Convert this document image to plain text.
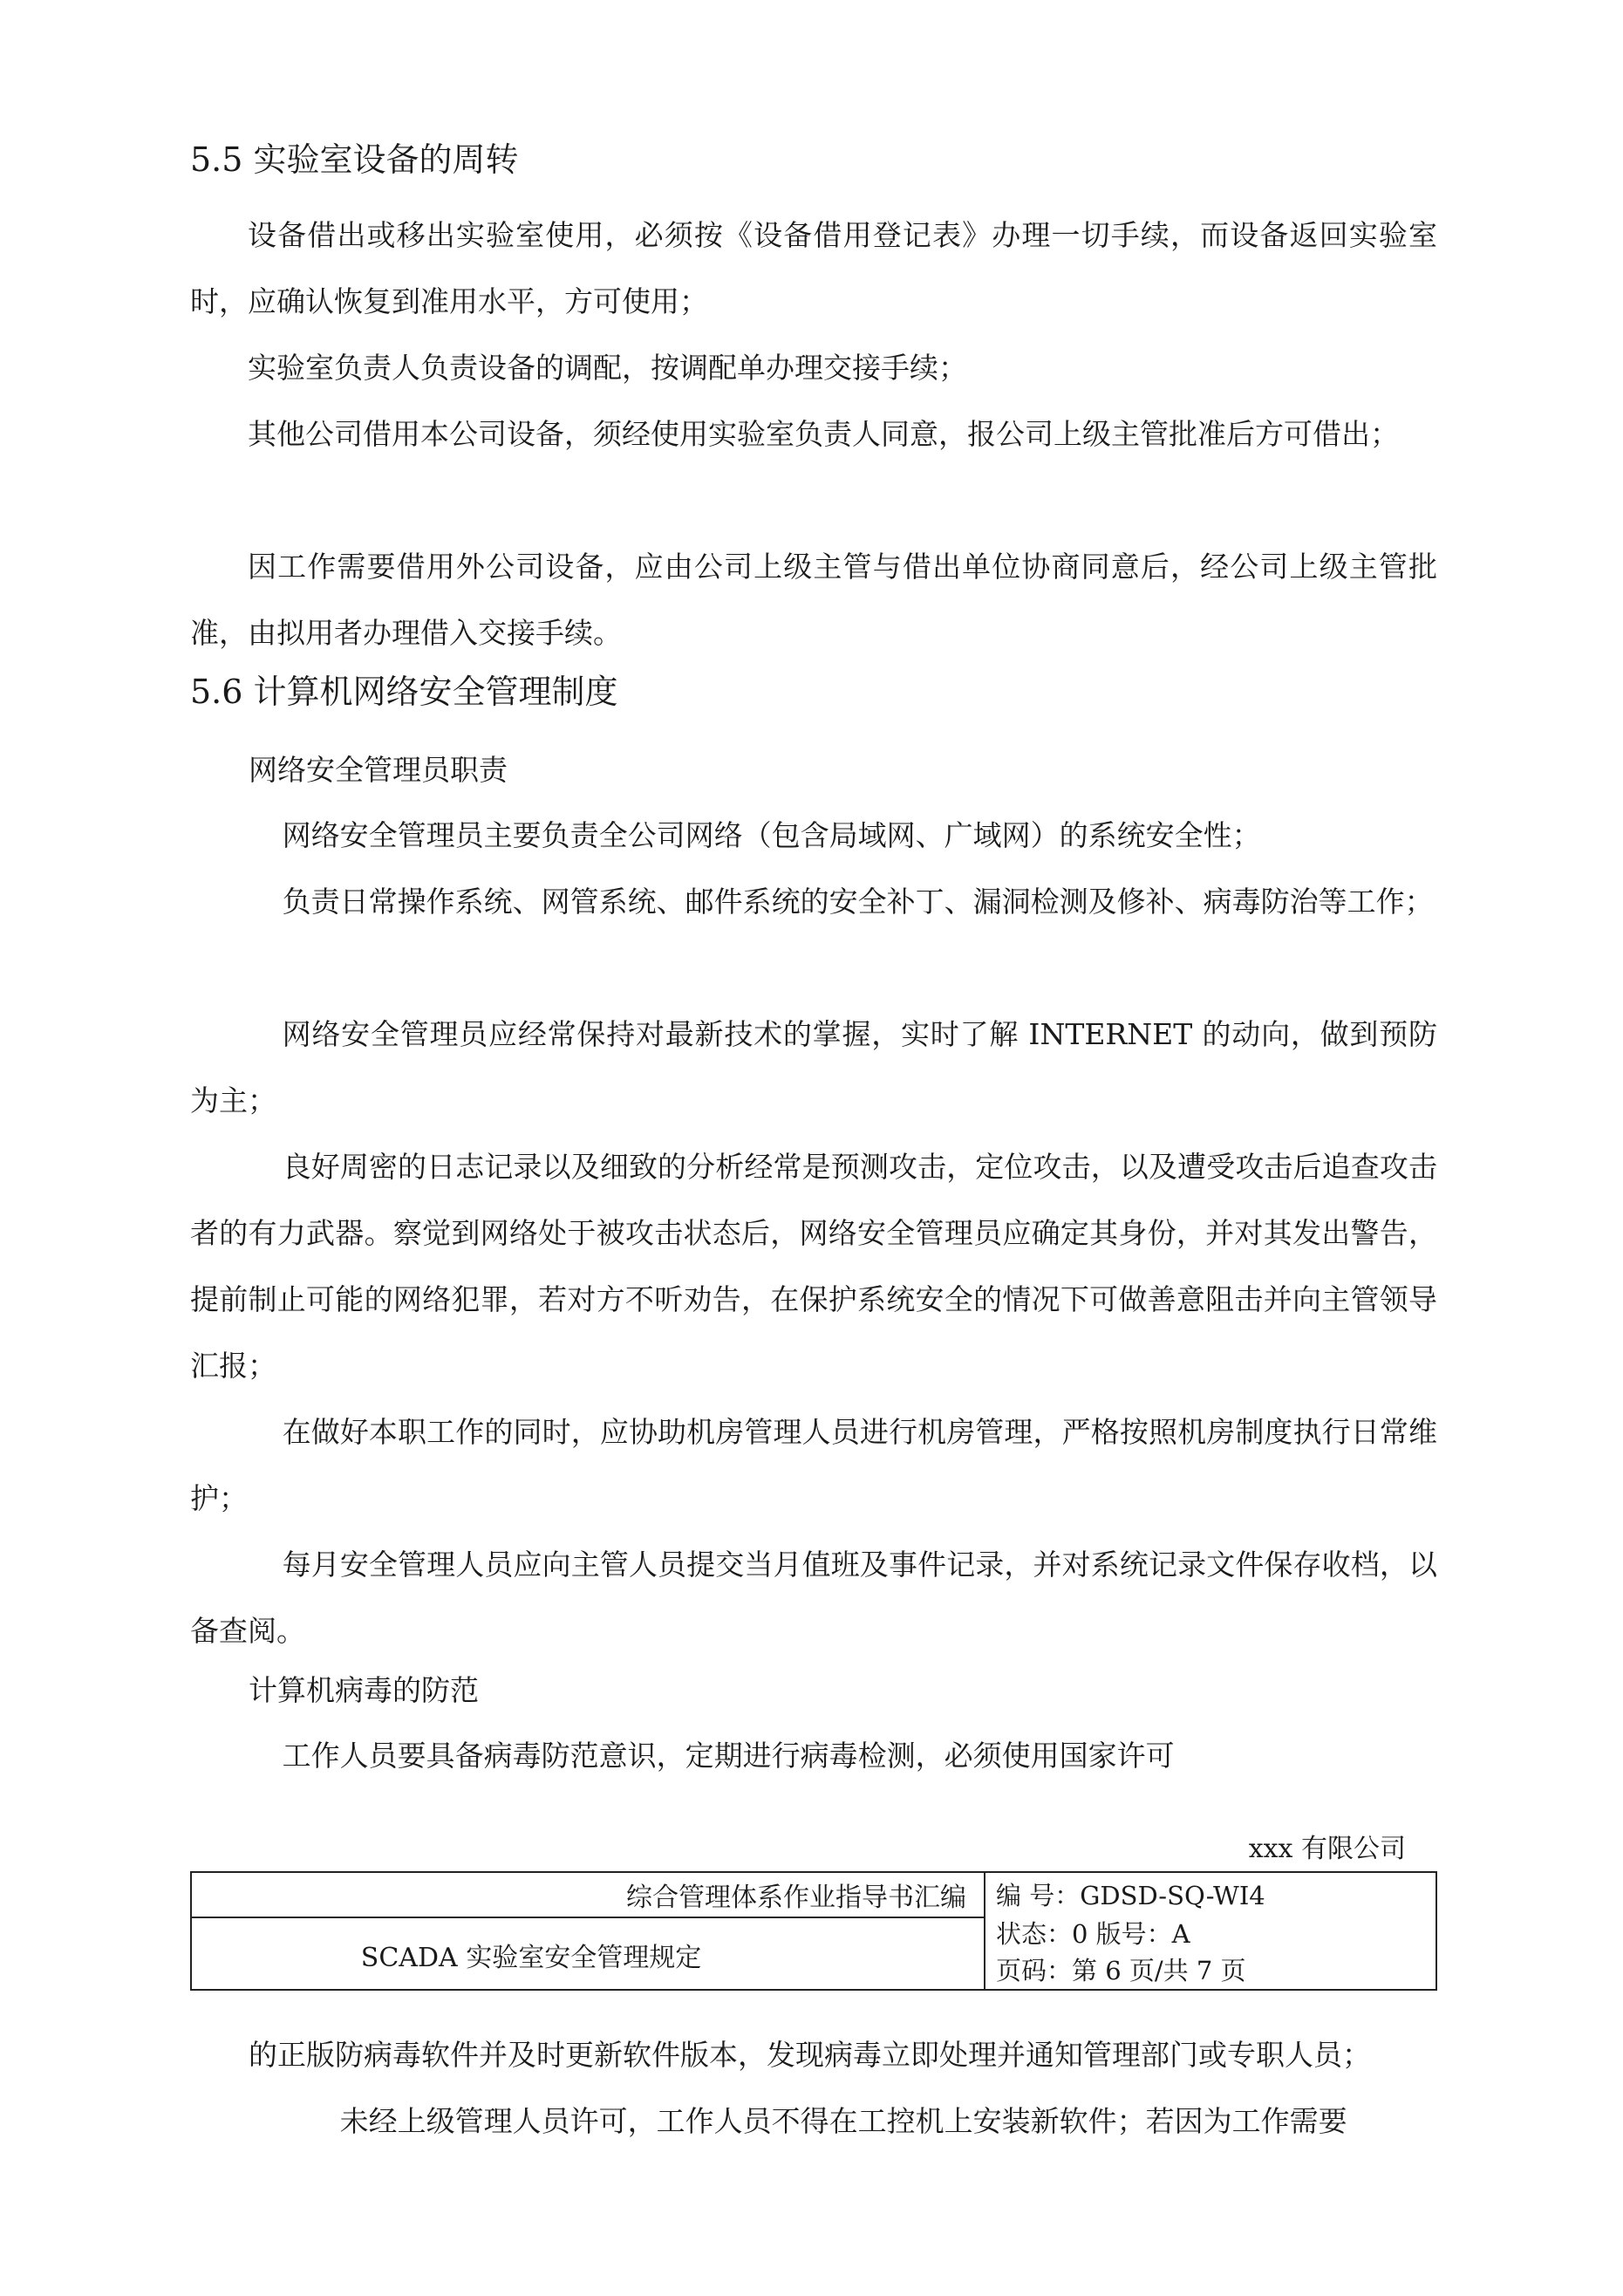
5.5 实验室设备的周转
设备借出或移出实验室使用，必须按《设备借用登记表》办理一切手续，而设备返回实验室时，应确认恢复到准用水平，方可使用；
实验室负责人负责设备的调配，按调配单办理交接手续；
其他公司借用本公司设备，须经使用实验室负责人同意，报公司上级主管批准后方可借出；
因工作需要借用外公司设备，应由公司上级主管与借出单位协商同意后，经公司上级主管批准，由拟用者办理借入交接手续。
5.6 计算机网络安全管理制度
网络安全管理员职责
网络安全管理员主要负责全公司网络（包含局域网、广域网）的系统安全性；
负责日常操作系统、网管系统、邮件系统的安全补丁、漏洞检测及修补、病毒防治等工作；
网络安全管理员应经常保持对最新技术的掌握，实时了解 INTERNET 的动向，做到预防为主；
良好周密的日志记录以及细致的分析经常是预测攻击，定位攻击，以及遭受攻击后追查攻击者的有力武器。察觉到网络处于被攻击状态后，网络安全管理员应确定其身份，并对其发出警告，提前制止可能的网络犯罪，若对方不听劝告，在保护系统安全的情况下可做善意阻击并向主管领导汇报；
在做好本职工作的同时，应协助机房管理人员进行机房管理，严格按照机房制度执行日常维护；
每月安全管理人员应向主管人员提交当月值班及事件记录，并对系统记录文件保存收档，以备查阅。
计算机病毒的防范
工作人员要具备病毒防范意识，定期进行病毒检测，必须使用国家许可
xxx 有限公司
综合管理体系作业指导书汇编
SCADA 实验室安全管理规定
编 号：GDSD-SQ-WI4
状态：0 版号：A
页码：第 6 页/共 7 页
的正版防病毒软件并及时更新软件版本，发现病毒立即处理并通知管理部门或专职人员；
未经上级管理人员许可，工作人员不得在工控机上安装新软件；若因为工作需要
